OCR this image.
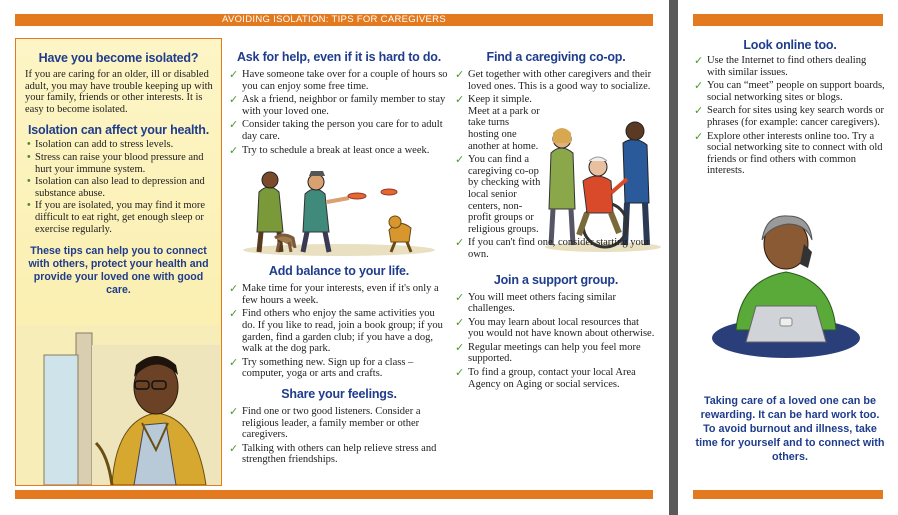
AVOIDING ISOLATION: TIPS FOR CAREGIVERS
Have you become isolated?

If you are caring for an older, ill or disabled adult, you may have trouble keeping up with your family, friends or other interests. It is easy to become isolated.

Isolation can affect your health.
• Isolation can add to stress levels.
• Stress can raise your blood pressure and hurt your immune system.
• Isolation can also lead to depression and substance abuse.
• If you are isolated, you may find it more difficult to eat right, get enough sleep or exercise regularly.

These tips can help you to connect with others, protect your health and provide your loved one with good care.

Ask for help, even if it is hard to do.
✓ Have someone take over for a couple of hours so you can enjoy some free time.
✓ Ask a friend, neighbor or family member to stay with your loved one.
✓ Consider taking the person you care for to adult day care.
✓ Try to schedule a break at least once a week.
Add balance to your life.
✓ Make time for your interests, even if it's only a few hours a week.
✓ Find others who enjoy the same activities you do. If you like to read, join a book group; if you garden, find a garden club; if you have a dog, walk at the dog park.
✓ Try something new. Sign up for a class – computer, yoga or arts and crafts.
Share your feelings.
✓ Find one or two good listeners. Consider a religious leader, a family member or other caregivers.
✓ Talking with others can help relieve stress and strengthen friendships.
Find a caregiving co-op.
✓ Get together with other caregivers and their loved ones. This is a good way to socialize.
✓ Keep it simple. Meet at a park or take turns hosting one another at home.
✓ You can find a caregiving co-op by checking with local senior centers, non-profit groups or religious groups.
✓ If you can't find one, consider starting your own.
Join a support group.
✓ You will meet others facing similar challenges.
✓ You may learn about local resources that you would not have known about otherwise.
✓ Regular meetings can help you feel more supported.
✓ To find a group, contact your local Area Agency on Aging or social services.
Look online too.
✓ Use the Internet to find others dealing with similar issues.
✓ You can “meet” people on support boards, social networking sites or blogs.
✓ Search for sites using key search words or phrases (for example: cancer caregivers).
✓ Explore other interests online too. Try a social networking site to connect with old friends or find others with common interests.

Taking care of a loved one can be rewarding. It can be hard work too. To avoid burnout and illness, take time for yourself and to connect with others.
